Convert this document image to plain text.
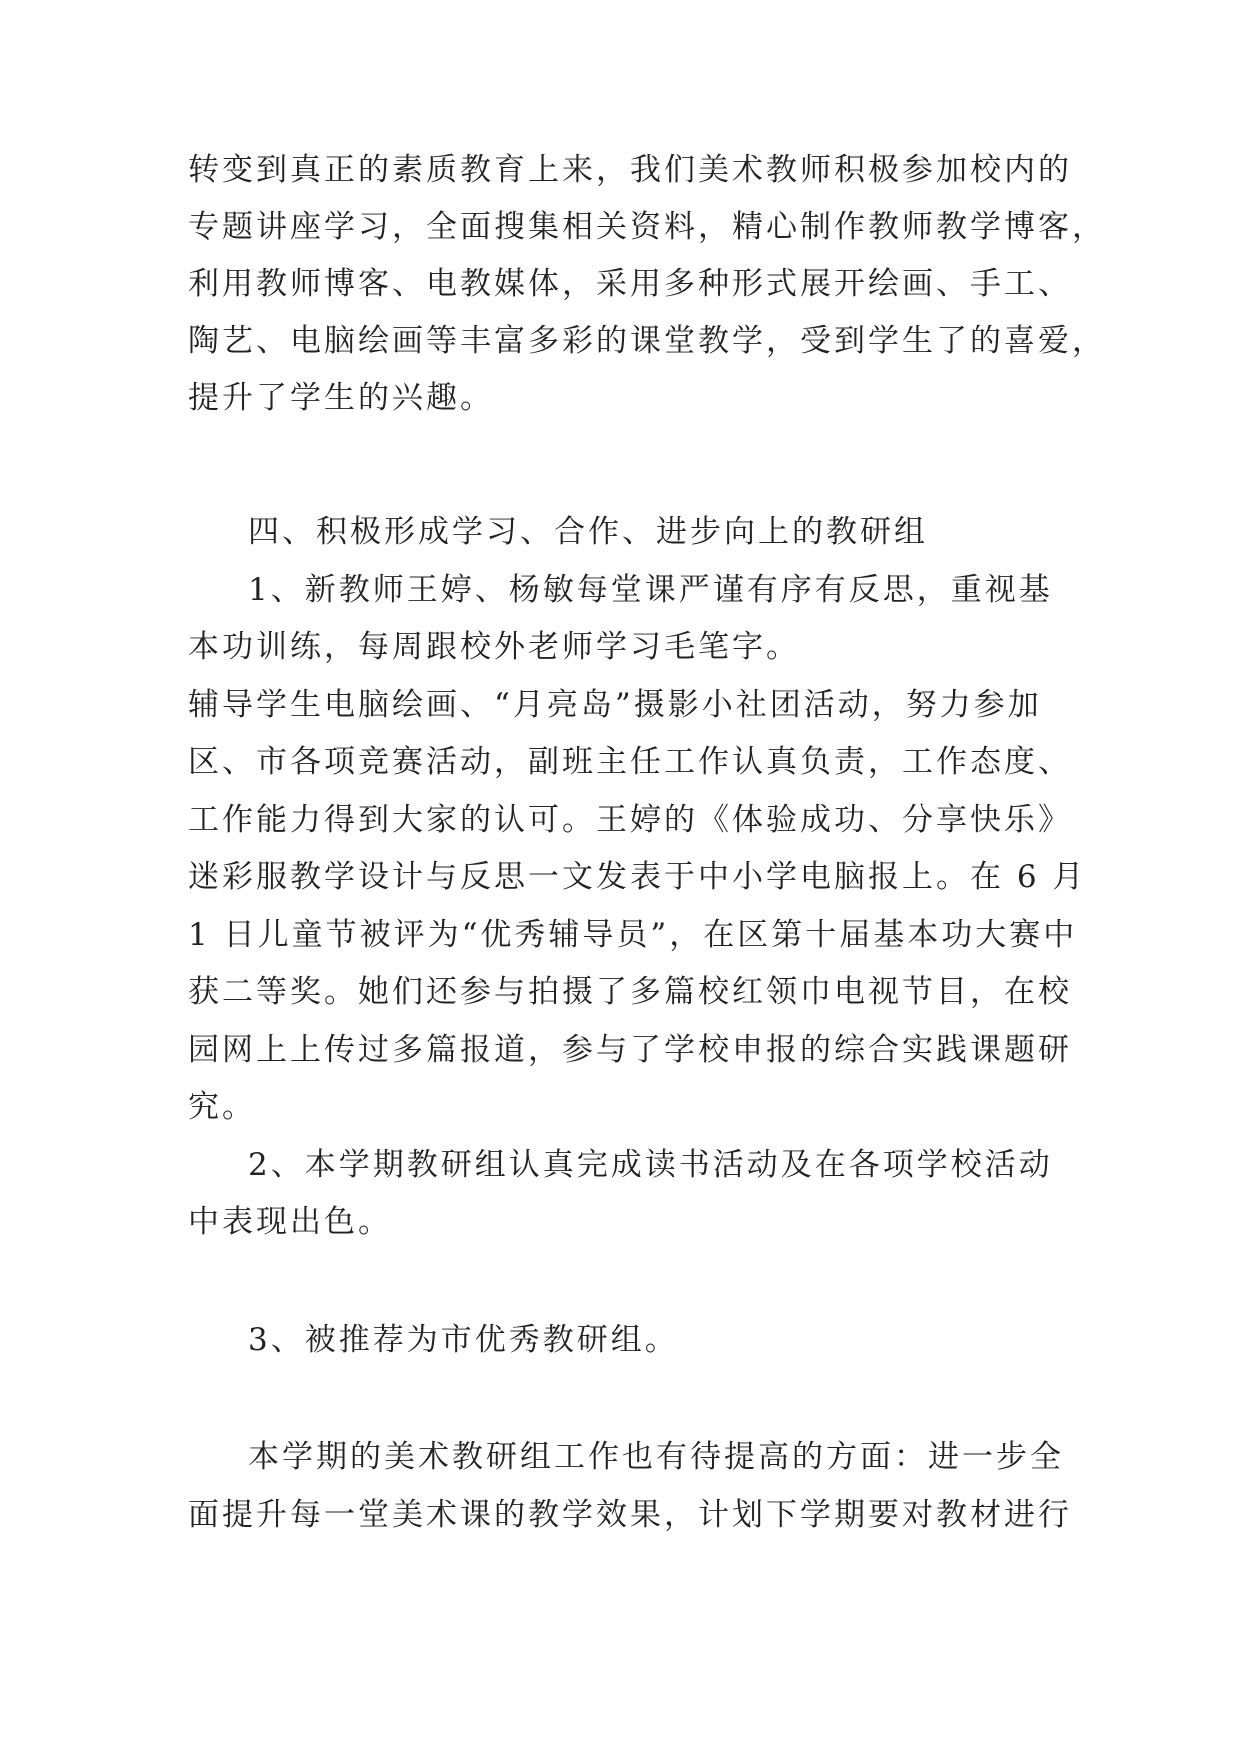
转变到真正的素质教育上来，我们美术教师积极参加校内的
专题讲座学习，全面搜集相关资料，精心制作教师教学博客，
利用教师博客、电教媒体，采用多种形式展开绘画、手工、
陶艺、电脑绘画等丰富多彩的课堂教学，受到学生了的喜爱，
提升了学生的兴趣。
四、积极形成学习、合作、进步向上的教研组
1、新教师王婷、杨敏每堂课严谨有序有反思，重视基
本功训练，每周跟校外老师学习毛笔字。
辅导学生电脑绘画、“月亮岛”摄影小社团活动，努力参加
区、市各项竞赛活动，副班主任工作认真负责，工作态度、
工作能力得到大家的认可。王婷的《体验成功、分享快乐》
迷彩服教学设计与反思一文发表于中小学电脑报上。在 6 月
1 日儿童节被评为“优秀辅导员”，在区第十届基本功大赛中
获二等奖。她们还参与拍摄了多篇校红领巾电视节目，在校
园网上上传过多篇报道，参与了学校申报的综合实践课题研
究。
2、本学期教研组认真完成读书活动及在各项学校活动
中表现出色。
3、被推荐为市优秀教研组。
本学期的美术教研组工作也有待提高的方面：进一步全
面提升每一堂美术课的教学效果，计划下学期要对教材进行
